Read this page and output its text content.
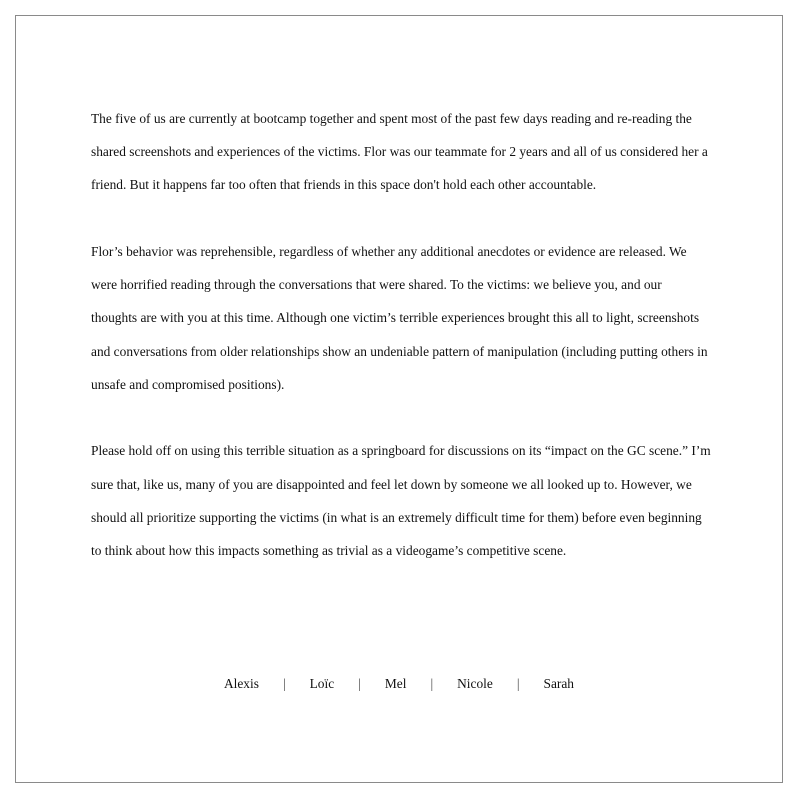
The five of us are currently at bootcamp together and spent most of the past few days reading and re-reading the shared screenshots and experiences of the victims. Flor was our teammate for 2 years and all of us considered her a friend. But it happens far too often that friends in this space don't hold each other accountable.

Flor’s behavior was reprehensible, regardless of whether any additional anecdotes or evidence are released. We were horrified reading through the conversations that were shared. To the victims: we believe you, and our thoughts are with you at this time. Although one victim’s terrible experiences brought this all to light, screenshots and conversations from older relationships show an undeniable pattern of manipulation (including putting others in unsafe and compromised positions).

Please hold off on using this terrible situation as a springboard for discussions on its “impact on the GC scene.” I’m sure that, like us, many of you are disappointed and feel let down by someone we all looked up to. However, we should all prioritize supporting the victims (in what is an extremely difficult time for them) before even beginning to think about how this impacts something as trivial as a videogame’s competitive scene.

Alexis | Loïc | Mel | Nicole | Sarah
